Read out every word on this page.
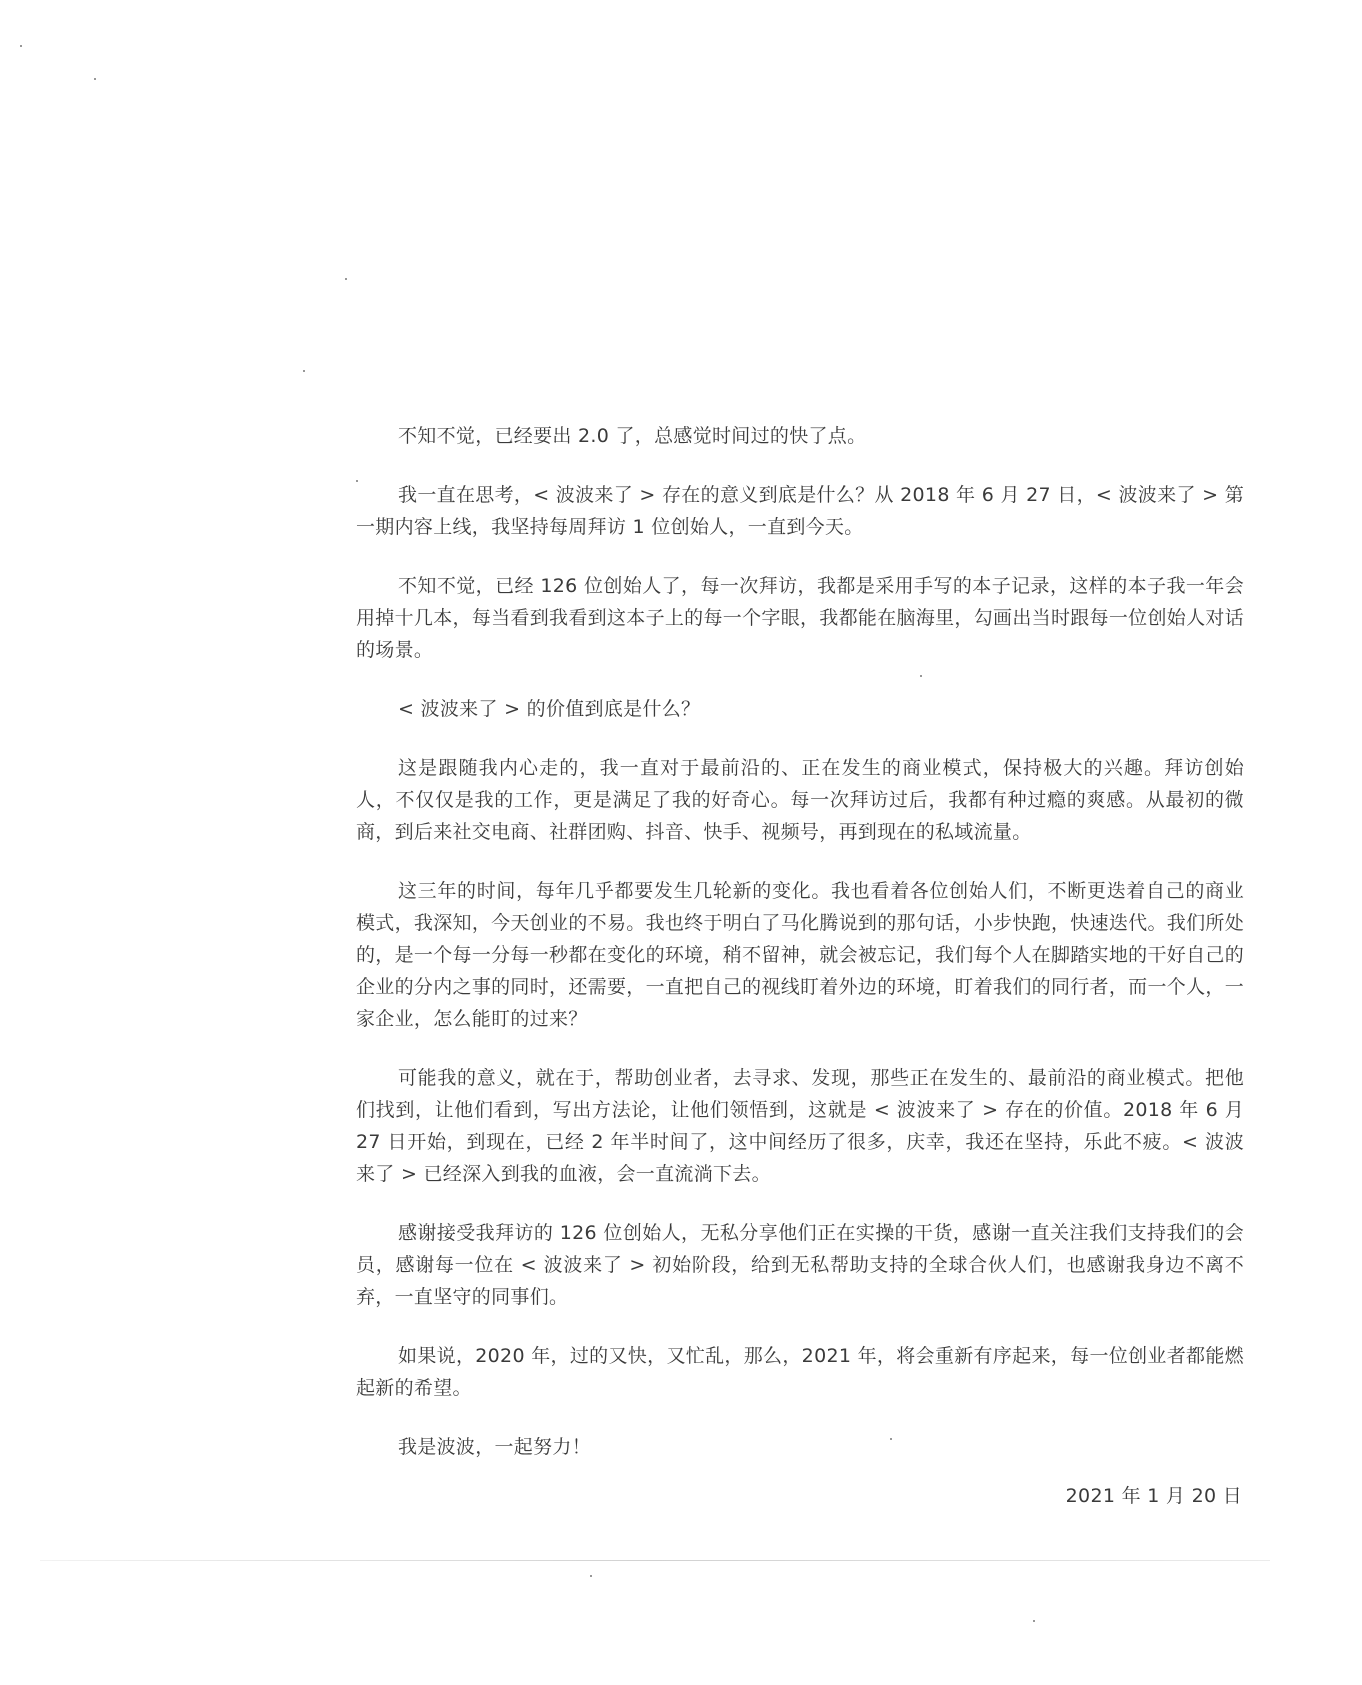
不知不觉，已经要出 2.0 了，总感觉时间过的快了点。

我一直在思考，< 波波来了 > 存在的意义到底是什么？从 2018 年 6 月 27 日，< 波波来了 > 第一期内容上线，我坚持每周拜访 1 位创始人，一直到今天。

不知不觉，已经 126 位创始人了，每一次拜访，我都是采用手写的本子记录，这样的本子我一年会用掉十几本，每当看到我看到这本子上的每一个字眼，我都能在脑海里，勾画出当时跟每一位创始人对话的场景。

< 波波来了 > 的价值到底是什么？

这是跟随我内心走的，我一直对于最前沿的、正在发生的商业模式，保持极大的兴趣。拜访创始人，不仅仅是我的工作，更是满足了我的好奇心。每一次拜访过后，我都有种过瘾的爽感。从最初的微商，到后来社交电商、社群团购、抖音、快手、视频号，再到现在的私域流量。

这三年的时间，每年几乎都要发生几轮新的变化。我也看着各位创始人们，不断更迭着自己的商业模式，我深知，今天创业的不易。我也终于明白了马化腾说到的那句话，小步快跑，快速迭代。我们所处的，是一个每一分每一秒都在变化的环境，稍不留神，就会被忘记，我们每个人在脚踏实地的干好自己的企业的分内之事的同时，还需要，一直把自己的视线盯着外边的环境，盯着我们的同行者，而一个人，一家企业，怎么能盯的过来？

可能我的意义，就在于，帮助创业者，去寻求、发现，那些正在发生的、最前沿的商业模式。把他们找到，让他们看到，写出方法论，让他们领悟到，这就是 < 波波来了 > 存在的价值。2018 年 6 月 27 日开始，到现在，已经 2 年半时间了，这中间经历了很多，庆幸，我还在坚持，乐此不疲。< 波波来了 > 已经深入到我的血液，会一直流淌下去。

感谢接受我拜访的 126 位创始人，无私分享他们正在实操的干货，感谢一直关注我们支持我们的会员，感谢每一位在 < 波波来了 > 初始阶段，给到无私帮助支持的全球合伙人们，也感谢我身边不离不弃，一直坚守的同事们。

如果说，2020 年，过的又快，又忙乱，那么，2021 年，将会重新有序起来，每一位创业者都能燃起新的希望。

我是波波，一起努力！

2021 年 1 月 20 日
